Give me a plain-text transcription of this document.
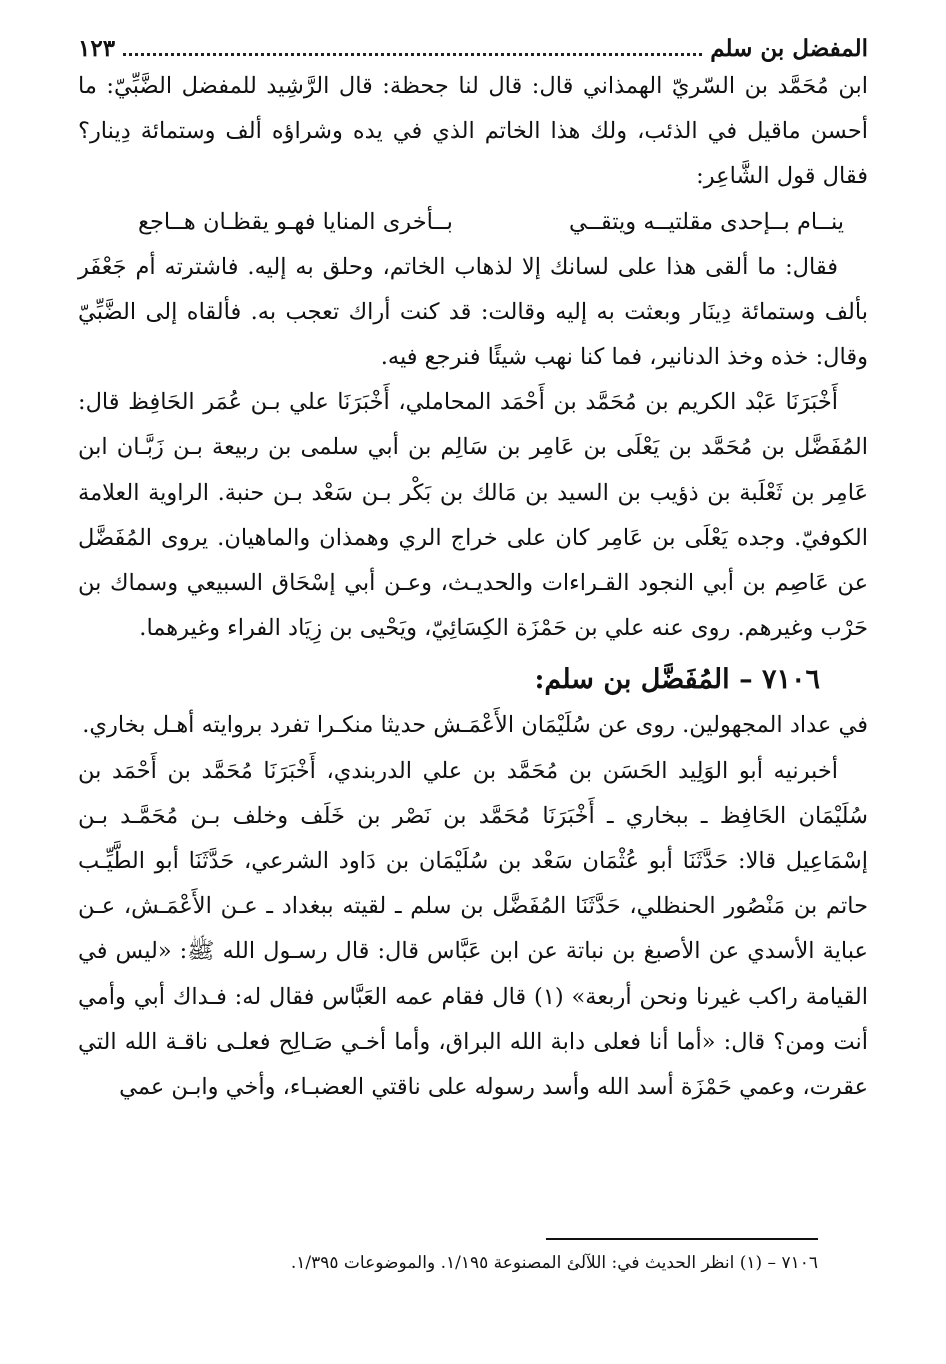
المفضل بن سلم
١٢٣

ابن مُحَمَّد بن السّريّ الهمذاني قال: قال لنا جحظة: قال الرَّشِيد للمفضل الضَّبِّيّ: ما أحسن ماقيل في الذئب، ولك هذا الخاتم الذي في يده وشراؤه ألف وستمائة دِينار؟ فقال قول الشَّاعِر:

ينــام بــإحدى مقلتيــه ويتقــي
بــأخرى المنايا فهـو يقظـان هــاجع

فقال: ما ألقى هذا على لسانك إلا لذهاب الخاتم، وحلق به إليه. فاشترته أم جَعْفَر بألف وستمائة دِينَار وبعثت به إليه وقالت: قد كنت أراك تعجب به. فألقاه إلى الضَّبِّيّ وقال: خذه وخذ الدنانير، فما كنا نهب شيئًا فنرجع فيه.

أَخْبَرَنَا عَبْد الكريم بن مُحَمَّد بن أَحْمَد المحاملي، أَخْبَرَنَا علي بـن عُمَر الحَافِظ قال: المُفَضَّل بن مُحَمَّد بن يَعْلَى بن عَامِر بن سَالِم بن أبي سلمى بن ربيعة بـن زَبَّـان ابن عَامِر بن ثَعْلَبة بن ذؤيب بن السيد بن مَالك بن بَكْر بـن سَعْد بـن حنبة. الراوية العلامة الكوفيّ. وجده يَعْلَى بن عَامِر كان على خراج الري وهمذان والماهيان. يروى المُفَضَّل عن عَاصِم بن أبي النجود القـراءات والحديـث، وعـن أبي إسْحَاق السبيعي وسماك بن حَرْب وغيرهم. روى عنه علي بن حَمْزَة الكِسَائِيّ، ويَحْيى بن زِيَاد الفراء وغيرهما.

٧١٠٦ – المُفَضَّل بن سلم:

في عداد المجهولين. روى عن سُلَيْمَان الأَعْمَـش حديثا منكـرا تفرد بروايته أهـل بخاري.

أخبرنيه أبو الوَلِيد الحَسَن بن مُحَمَّد بن علي الدربندي، أَخْبَرَنَا مُحَمَّد بن أَحْمَد بن سُلَيْمَان الحَافِظ ـ ببخاري ـ أَخْبَرَنَا مُحَمَّد بن نَصْر بن خَلَف وخلف بـن مُحَمَّـد بـن إسْمَاعِيل قالا: حَدَّثَنَا أبو عُثْمَان سَعْد بن سُلَيْمَان بن دَاود الشرعي، حَدَّثَنَا أبو الطَّيِّـب حاتم بن مَنْصُور الحنظلي، حَدَّثَنَا المُفَضَّل بن سلم ـ لقيته ببغداد ـ عـن الأَعْمَـش، عـن عباية الأسدي عن الأصبغ بن نباتة عن ابن عَبَّاس قال: قال رسـول الله ﷺ: «ليس في القيامة راكب غيرنا ونحن أربعة» (١) قال فقام عمه العَبَّاس فقال له: فـداك أبي وأمي أنت ومن؟ قال: «أما أنا فعلى دابة الله البراق، وأما أخـي صَـالِح فعلـى ناقـة الله التي عقرت، وعمي حَمْزَة أسد الله وأسد رسوله على ناقتي العضبـاء، وأخي وابـن عمي

٧١٠٦ – (١) انظر الحديث في: اللآلئ المصنوعة ١/١٩٥. والموضوعات ١/٣٩٥.
